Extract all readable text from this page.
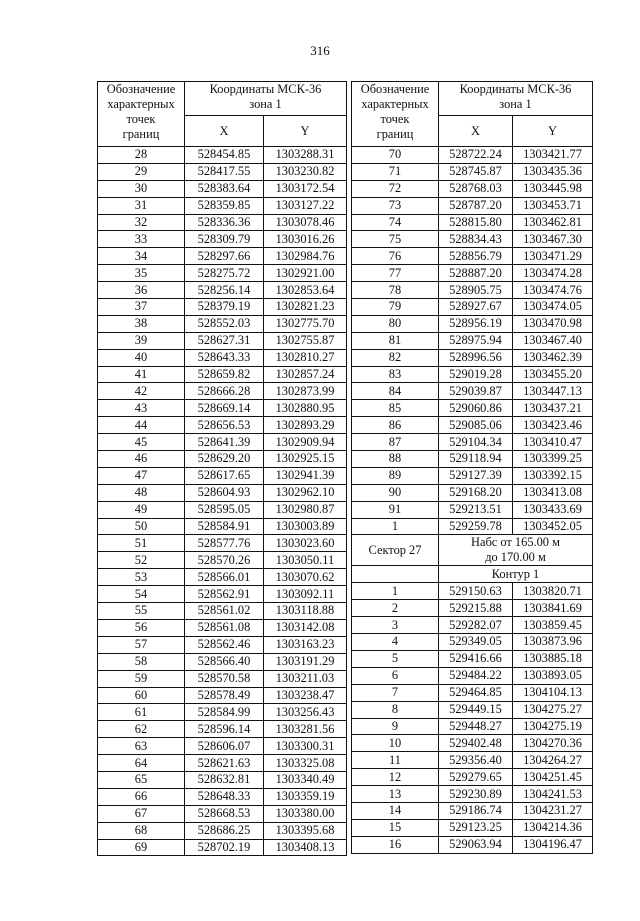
316
Обозначение
характерных
точек
границ	Координаты МСК-36
зона 1	

	X	Y
28	528454.85	1303288.31
29	528417.55	1303230.82
30	528383.64	1303172.54
31	528359.85	1303127.22
32	528336.36	1303078.46
33	528309.79	1303016.26
34	528297.66	1302984.76
35	528275.72	1302921.00
36	528256.14	1302853.64
37	528379.19	1302821.23
38	528552.03	1302775.70
39	528627.31	1302755.87
40	528643.33	1302810.27
41	528659.82	1302857.24
42	528666.28	1302873.99
43	528669.14	1302880.95
44	528656.53	1302893.29
45	528641.39	1302909.94
46	528629.20	1302925.15
47	528617.65	1302941.39
48	528604.93	1302962.10
49	528595.05	1302980.87
50	528584.91	1303003.89
51	528577.76	1303023.60
52	528570.26	1303050.11
53	528566.01	1303070.62
54	528562.91	1303092.11
55	528561.02	1303118.88
56	528561.08	1303142.08
57	528562.46	1303163.23
58	528566.40	1303191.29
59	528570.58	1303211.03
60	528578.49	1303238.47
61	528584.99	1303256.43
62	528596.14	1303281.56
63	528606.07	1303300.31
64	528621.63	1303325.08
65	528632.81	1303340.49
66	528648.33	1303359.19
67	528668.53	1303380.00
68	528686.25	1303395.68
69	528702.19	1303408.13
Обозначение
характерных
точек
границ	Координаты МСК-36
зона 1	

	X	Y
70	528722.24	1303421.77
71	528745.87	1303435.36
72	528768.03	1303445.98
73	528787.20	1303453.71
74	528815.80	1303462.81
75	528834.43	1303467.30
76	528856.79	1303471.29
77	528887.20	1303474.28
78	528905.75	1303474.76
79	528927.67	1303474.05
80	528956.19	1303470.98
81	528975.94	1303467.40
82	528996.56	1303462.39
83	529019.28	1303455.20
84	529039.87	1303447.13
85	529060.86	1303437.21
86	529085.06	1303423.46
87	529104.34	1303410.47
88	529118.94	1303399.25
89	529127.39	1303392.15
90	529168.20	1303413.08
91	529213.51	1303433.69
1	529259.78	1303452.05
Сектор 27	Набс от 165.00 м
до 170.00 м	

	Контур 1	
1	529150.63	1303820.71
2	529215.88	1303841.69
3	529282.07	1303859.45
4	529349.05	1303873.96
5	529416.66	1303885.18
6	529484.22	1303893.05
7	529464.85	1304104.13
8	529449.15	1304275.27
9	529448.27	1304275.19
10	529402.48	1304270.36
11	529356.40	1304264.27
12	529279.65	1304251.45
13	529230.89	1304241.53
14	529186.74	1304231.27
15	529123.25	1304214.36
16	529063.94	1304196.47
